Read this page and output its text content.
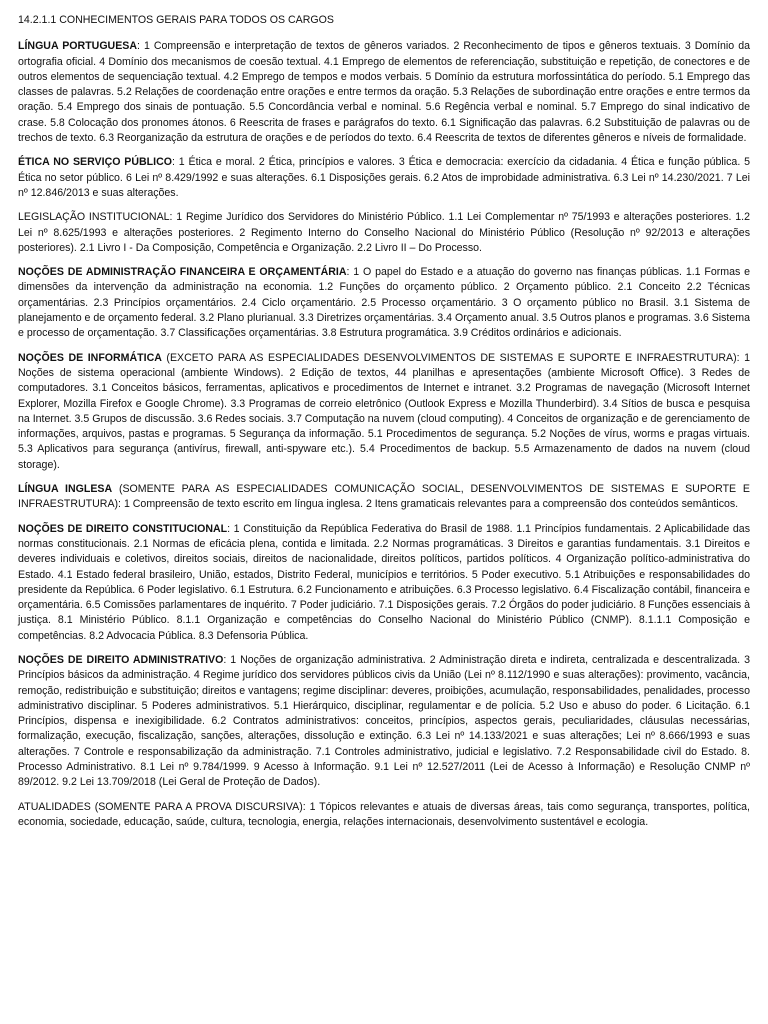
14.2.1.1 CONHECIMENTOS GERAIS PARA TODOS OS CARGOS

LÍNGUA PORTUGUESA: 1 Compreensão e interpretação de textos de gêneros variados. 2 Reconhecimento de tipos e gêneros textuais. 3 Domínio da ortografia oficial. 4 Domínio dos mecanismos de coesão textual. 4.1 Emprego de elementos de referenciação, substituição e repetição, de conectores e de outros elementos de sequenciação textual. 4.2 Emprego de tempos e modos verbais. 5 Domínio da estrutura morfossintática do período. 5.1 Emprego das classes de palavras. 5.2 Relações de coordenação entre orações e entre termos da oração. 5.3 Relações de subordinação entre orações e entre termos da oração. 5.4 Emprego dos sinais de pontuação. 5.5 Concordância verbal e nominal. 5.6 Regência verbal e nominal. 5.7 Emprego do sinal indicativo de crase. 5.8 Colocação dos pronomes átonos. 6 Reescrita de frases e parágrafos do texto. 6.1 Significação das palavras. 6.2 Substituição de palavras ou de trechos de texto. 6.3 Reorganização da estrutura de orações e de períodos do texto. 6.4 Reescrita de textos de diferentes gêneros e níveis de formalidade.

ÉTICA NO SERVIÇO PÚBLICO: 1 Ética e moral. 2 Ética, princípios e valores. 3 Ética e democracia: exercício da cidadania. 4 Ética e função pública. 5 Ética no setor público. 6 Lei nº 8.429/1992 e suas alterações. 6.1 Disposições gerais. 6.2 Atos de improbidade administrativa. 6.3 Lei nº 14.230/2021. 7 Lei nº 12.846/2013 e suas alterações.

LEGISLAÇÃO INSTITUCIONAL: 1 Regime Jurídico dos Servidores do Ministério Público. 1.1 Lei Complementar nº 75/1993 e alterações posteriores. 1.2 Lei nº 8.625/1993 e alterações posteriores. 2 Regimento Interno do Conselho Nacional do Ministério Público (Resolução nº 92/2013 e alterações posteriores). 2.1 Livro I - Da Composição, Competência e Organização. 2.2 Livro II – Do Processo.

NOÇÕES DE ADMINISTRAÇÃO FINANCEIRA E ORÇAMENTÁRIA: 1 O papel do Estado e a atuação do governo nas finanças públicas. 1.1 Formas e dimensões da intervenção da administração na economia. 1.2 Funções do orçamento público. 2 Orçamento público. 2.1 Conceito 2.2 Técnicas orçamentárias. 2.3 Princípios orçamentários. 2.4 Ciclo orçamentário. 2.5 Processo orçamentário. 3 O orçamento público no Brasil. 3.1 Sistema de planejamento e de orçamento federal. 3.2 Plano plurianual. 3.3 Diretrizes orçamentárias. 3.4 Orçamento anual. 3.5 Outros planos e programas. 3.6 Sistema e processo de orçamentação. 3.7 Classificações orçamentárias. 3.8 Estrutura programática. 3.9 Créditos ordinários e adicionais.

NOÇÕES DE INFORMÁTICA (EXCETO PARA AS ESPECIALIDADES DESENVOLVIMENTOS DE SISTEMAS E SUPORTE E INFRAESTRUTURA): 1 Noções de sistema operacional (ambiente Windows). 2 Edição de textos, 44 planilhas e apresentações (ambiente Microsoft Office). 3 Redes de computadores. 3.1 Conceitos básicos, ferramentas, aplicativos e procedimentos de Internet e intranet. 3.2 Programas de navegação (Microsoft Internet Explorer, Mozilla Firefox e Google Chrome). 3.3 Programas de correio eletrônico (Outlook Express e Mozilla Thunderbird). 3.4 Sítios de busca e pesquisa na Internet. 3.5 Grupos de discussão. 3.6 Redes sociais. 3.7 Computação na nuvem (cloud computing). 4 Conceitos de organização e de gerenciamento de informações, arquivos, pastas e programas. 5 Segurança da informação. 5.1 Procedimentos de segurança. 5.2 Noções de vírus, worms e pragas virtuais. 5.3 Aplicativos para segurança (antivírus, firewall, anti-spyware etc.). 5.4 Procedimentos de backup. 5.5 Armazenamento de dados na nuvem (cloud storage).

LÍNGUA INGLESA (SOMENTE PARA AS ESPECIALIDADES COMUNICAÇÃO SOCIAL, DESENVOLVIMENTOS DE SISTEMAS E SUPORTE E INFRAESTRUTURA): 1 Compreensão de texto escrito em língua inglesa. 2 Itens gramaticais relevantes para a compreensão dos conteúdos semânticos.

NOÇÕES DE DIREITO CONSTITUCIONAL: 1 Constituição da República Federativa do Brasil de 1988. 1.1 Princípios fundamentais. 2 Aplicabilidade das normas constitucionais. 2.1 Normas de eficácia plena, contida e limitada. 2.2 Normas programáticas. 3 Direitos e garantias fundamentais. 3.1 Direitos e deveres individuais e coletivos, direitos sociais, direitos de nacionalidade, direitos políticos, partidos políticos. 4 Organização político-administrativa do Estado. 4.1 Estado federal brasileiro, União, estados, Distrito Federal, municípios e territórios. 5 Poder executivo. 5.1 Atribuições e responsabilidades do presidente da República. 6 Poder legislativo. 6.1 Estrutura. 6.2 Funcionamento e atribuições. 6.3 Processo legislativo. 6.4 Fiscalização contábil, financeira e orçamentária. 6.5 Comissões parlamentares de inquérito. 7 Poder judiciário. 7.1 Disposições gerais. 7.2 Órgãos do poder judiciário. 8 Funções essenciais à justiça. 8.1 Ministério Público. 8.1.1 Organização e competências do Conselho Nacional do Ministério Público (CNMP). 8.1.1.1 Composição e competências. 8.2 Advocacia Pública. 8.3 Defensoria Pública.

NOÇÕES DE DIREITO ADMINISTRATIVO: 1 Noções de organização administrativa. 2 Administração direta e indireta, centralizada e descentralizada. 3 Princípios básicos da administração. 4 Regime jurídico dos servidores públicos civis da União (Lei nº 8.112/1990 e suas alterações): provimento, vacância, remoção, redistribuição e substituição; direitos e vantagens; regime disciplinar: deveres, proibições, acumulação, responsabilidades, penalidades, processo administrativo disciplinar. 5 Poderes administrativos. 5.1 Hierárquico, disciplinar, regulamentar e de polícia. 5.2 Uso e abuso do poder. 6 Licitação. 6.1 Princípios, dispensa e inexigibilidade. 6.2 Contratos administrativos: conceitos, princípios, aspectos gerais, peculiaridades, cláusulas necessárias, formalização, execução, fiscalização, sanções, alterações, dissolução e extinção. 6.3 Lei nº 14.133/2021 e suas alterações; Lei nº 8.666/1993 e suas alterações. 7 Controle e responsabilização da administração. 7.1 Controles administrativo, judicial e legislativo. 7.2 Responsabilidade civil do Estado. 8. Processo Administrativo. 8.1 Lei nº 9.784/1999. 9 Acesso à Informação. 9.1 Lei nº 12.527/2011 (Lei de Acesso à Informação) e Resolução CNMP nº 89/2012. 9.2 Lei 13.709/2018 (Lei Geral de Proteção de Dados).

ATUALIDADES (SOMENTE PARA A PROVA DISCURSIVA): 1 Tópicos relevantes e atuais de diversas áreas, tais como segurança, transportes, política, economia, sociedade, educação, saúde, cultura, tecnologia, energia, relações internacionais, desenvolvimento sustentável e ecologia.
